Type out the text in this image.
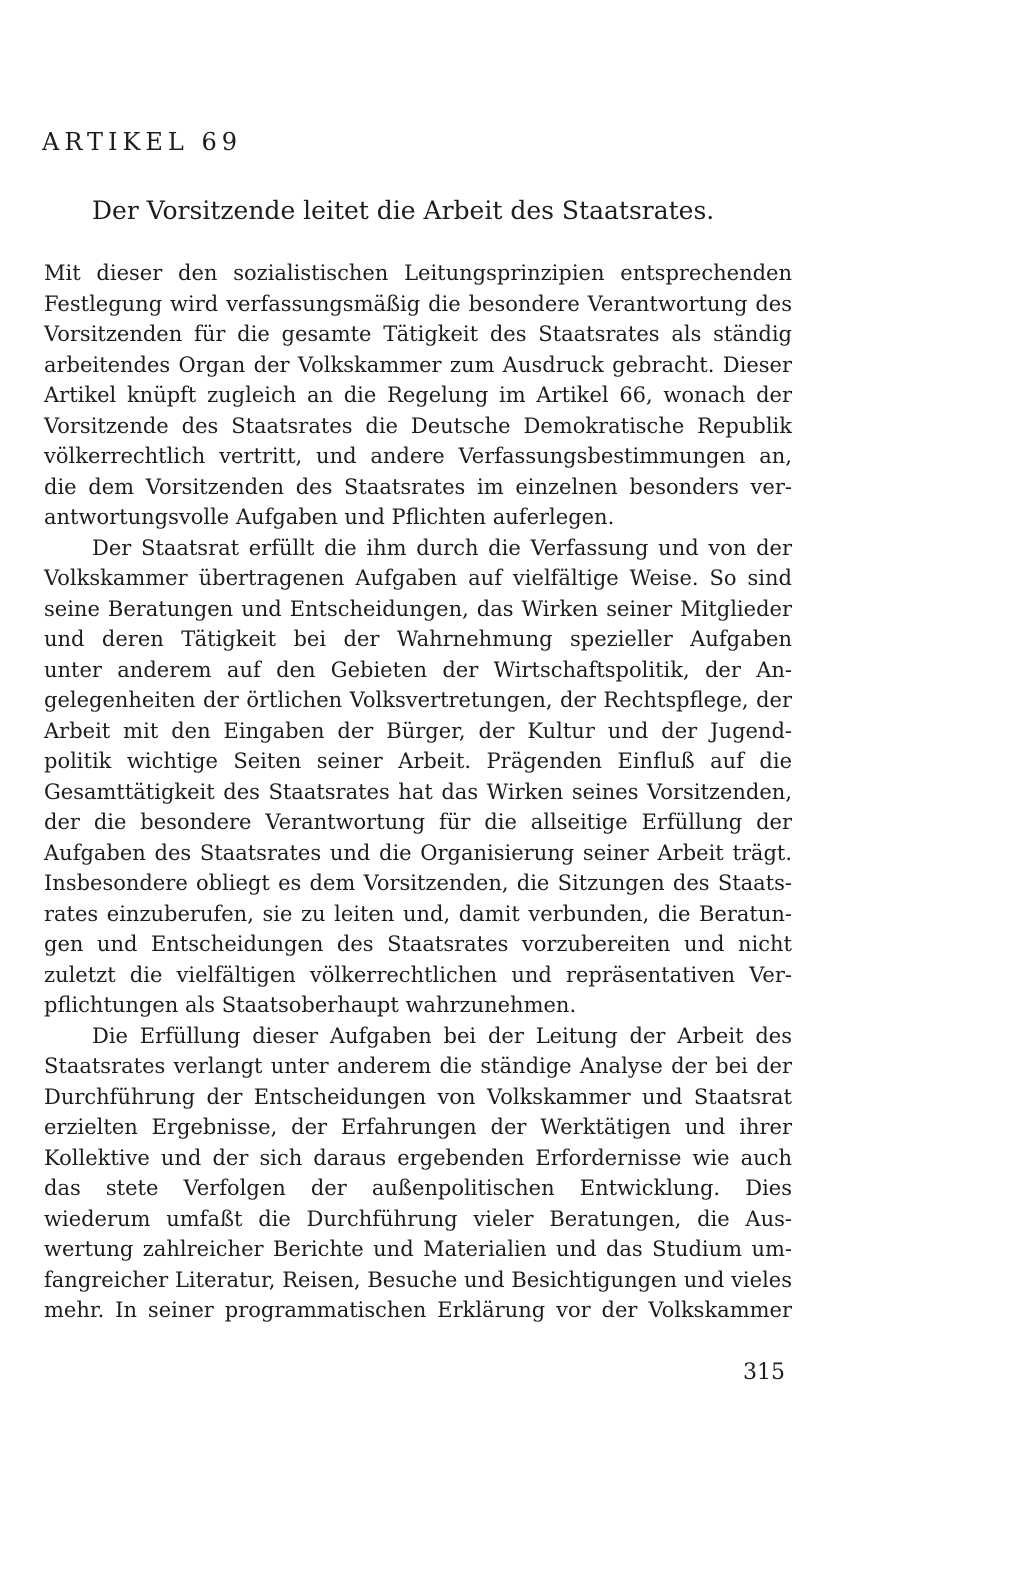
ARTIKEL 69
Der Vorsitzende leitet die Arbeit des Staatsrates.
Mit dieser den sozialistischen Leitungsprinzipien entsprechenden
Festlegung wird verfassungsmäßig die besondere Verantwortung des
Vorsitzenden für die gesamte Tätigkeit des Staatsrates als ständig
arbeitendes Organ der Volkskammer zum Ausdruck gebracht. Dieser
Artikel knüpft zugleich an die Regelung im Artikel 66, wonach der
Vorsitzende des Staatsrates die Deutsche Demokratische Republik
völkerrechtlich vertritt, und andere Verfassungsbestimmungen an,
die dem Vorsitzenden des Staatsrates im einzelnen besonders ver-
antwortungsvolle Aufgaben und Pflichten auferlegen.
Der Staatsrat erfüllt die ihm durch die Verfassung und von der
Volkskammer übertragenen Aufgaben auf vielfältige Weise. So sind
seine Beratungen und Entscheidungen, das Wirken seiner Mitglieder
und deren Tätigkeit bei der Wahrnehmung spezieller Aufgaben
unter anderem auf den Gebieten der Wirtschaftspolitik, der An-
gelegenheiten der örtlichen Volksvertretungen, der Rechtspflege, der
Arbeit mit den Eingaben der Bürger, der Kultur und der Jugend-
politik wichtige Seiten seiner Arbeit. Prägenden Einfluß auf die
Gesamttätigkeit des Staatsrates hat das Wirken seines Vorsitzenden,
der die besondere Verantwortung für die allseitige Erfüllung der
Aufgaben des Staatsrates und die Organisierung seiner Arbeit trägt.
Insbesondere obliegt es dem Vorsitzenden, die Sitzungen des Staats-
rates einzuberufen, sie zu leiten und, damit verbunden, die Beratun-
gen und Entscheidungen des Staatsrates vorzubereiten und nicht
zuletzt die vielfältigen völkerrechtlichen und repräsentativen Ver-
pflichtungen als Staatsoberhaupt wahrzunehmen.
Die Erfüllung dieser Aufgaben bei der Leitung der Arbeit des
Staatsrates verlangt unter anderem die ständige Analyse der bei der
Durchführung der Entscheidungen von Volkskammer und Staatsrat
erzielten Ergebnisse, der Erfahrungen der Werktätigen und ihrer
Kollektive und der sich daraus ergebenden Erfordernisse wie auch
das stete Verfolgen der außenpolitischen Entwicklung. Dies
wiederum umfaßt die Durchführung vieler Beratungen, die Aus-
wertung zahlreicher Berichte und Materialien und das Studium um-
fangreicher Literatur, Reisen, Besuche und Besichtigungen und vieles
mehr. In seiner programmatischen Erklärung vor der Volkskammer
315
